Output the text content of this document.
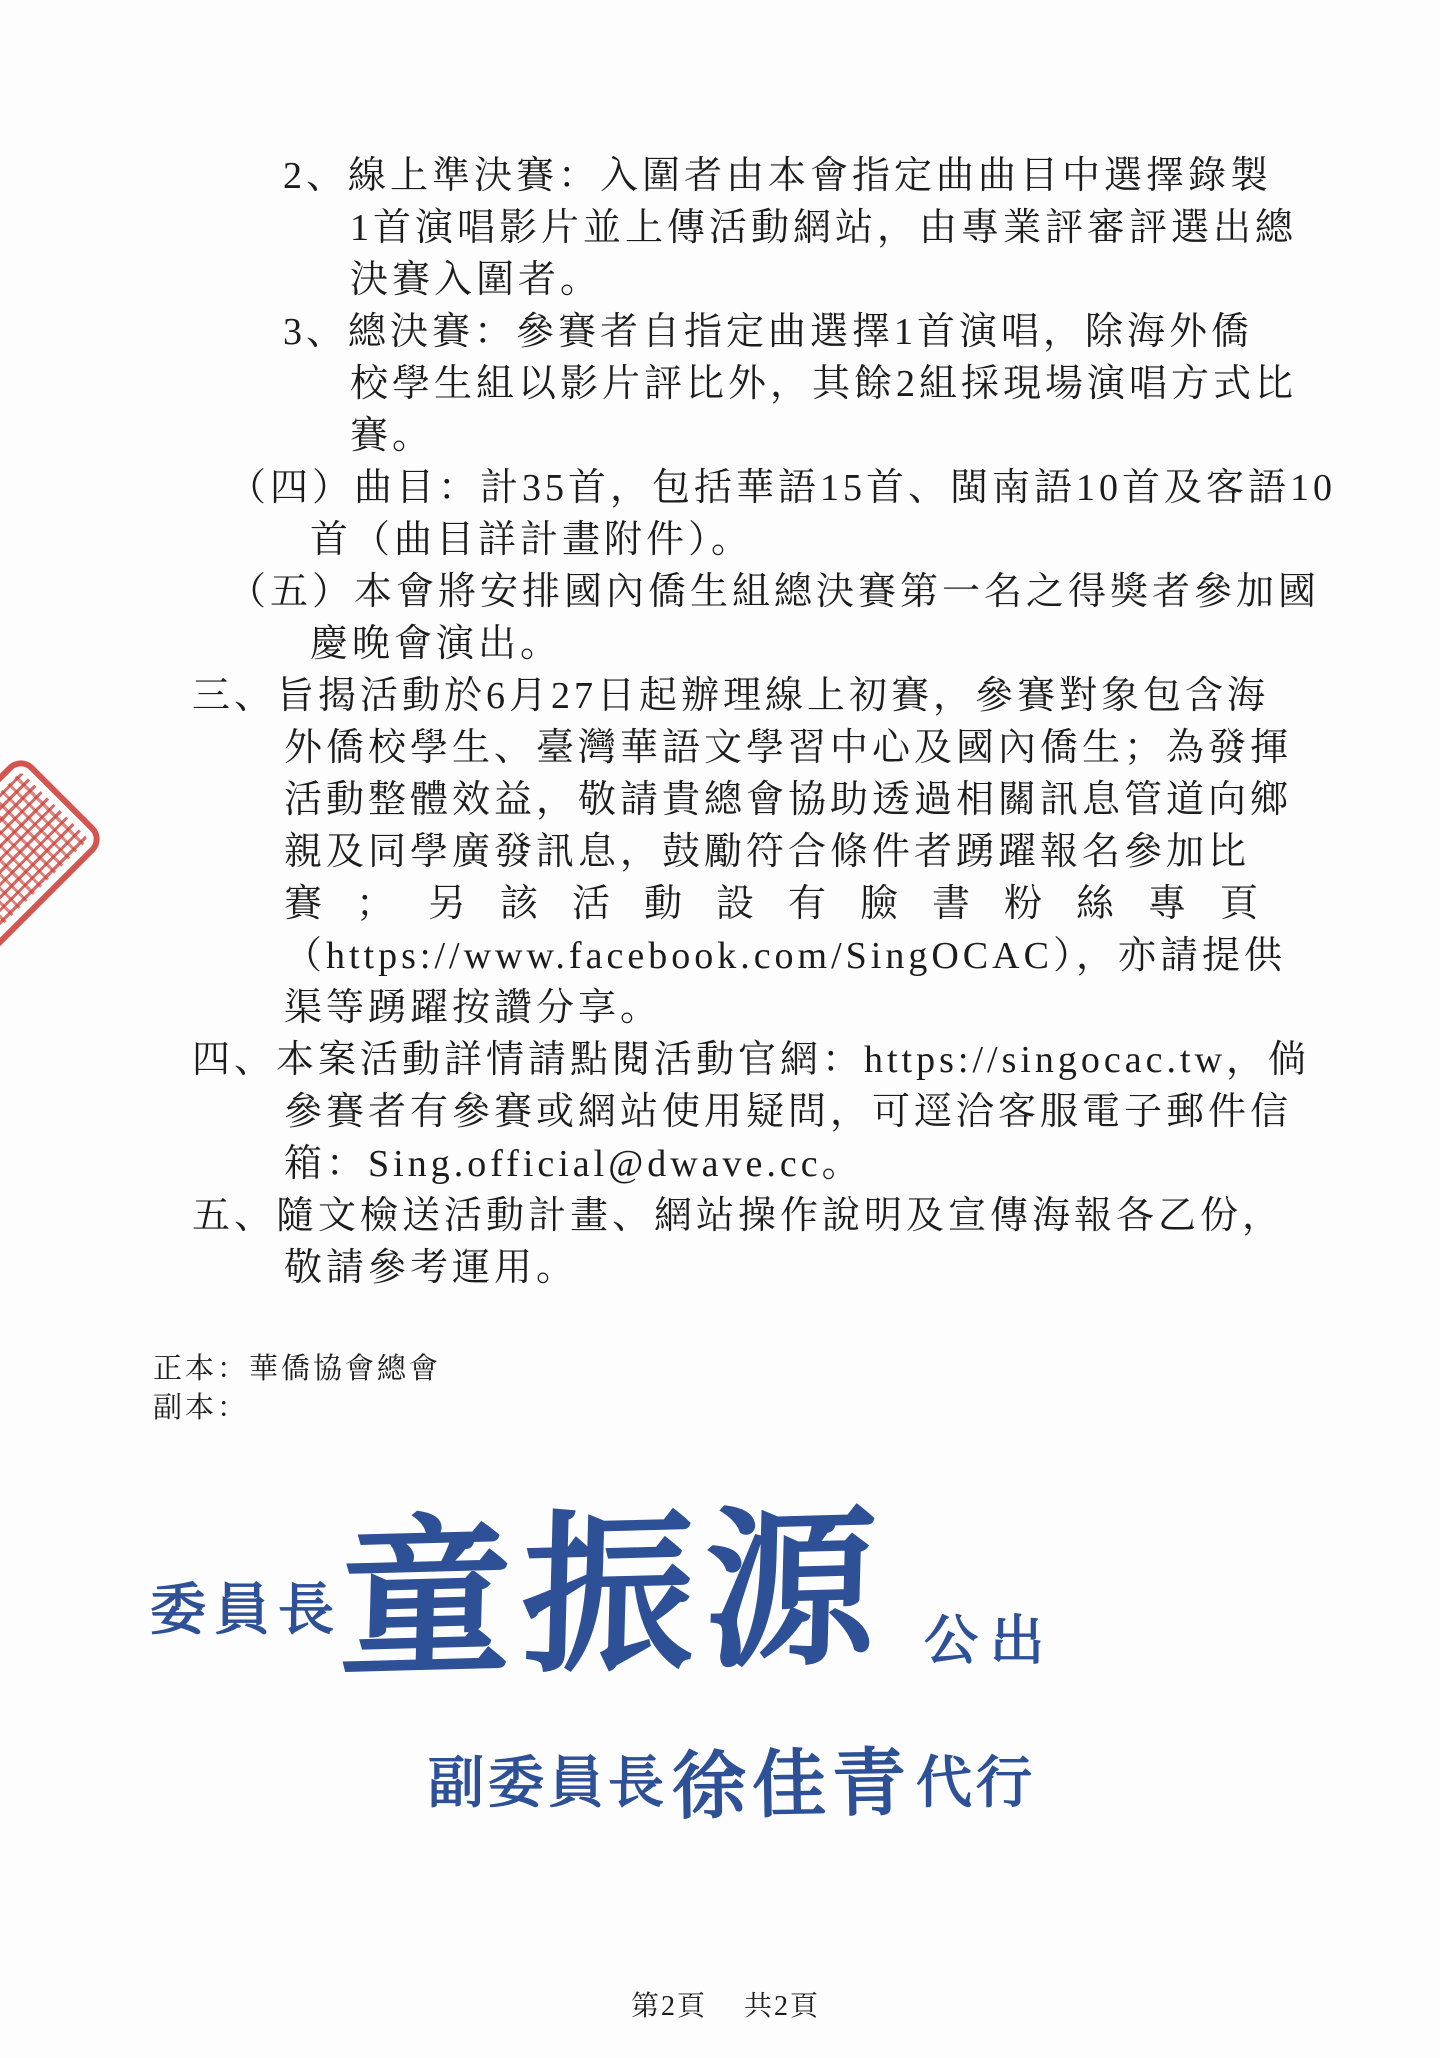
2、線上準決賽：入圍者由本會指定曲曲目中選擇錄製
1首演唱影片並上傳活動網站，由專業評審評選出總
決賽入圍者。
3、總決賽：參賽者自指定曲選擇1首演唱，除海外僑
校學生組以影片評比外，其餘2組採現場演唱方式比
賽。
（四）曲目：計35首，包括華語15首、閩南語10首及客語10
首（曲目詳計畫附件）。
（五）本會將安排國內僑生組總決賽第一名之得獎者參加國
慶晚會演出。
三、旨揭活動於6月27日起辦理線上初賽，參賽對象包含海
外僑校學生、臺灣華語文學習中心及國內僑生；為發揮
活動整體效益，敬請貴總會協助透過相關訊息管道向鄉
親及同學廣發訊息，鼓勵符合條件者踴躍報名參加比
賽；另該活動設有臉書粉絲專頁
（https://www.facebook.com/SingOCAC），亦請提供
渠等踴躍按讚分享。
四、本案活動詳情請點閱活動官網：https://singocac.tw，倘
參賽者有參賽或網站使用疑問，可逕洽客服電子郵件信
箱：Sing.official@dwave.cc。
五、隨文檢送活動計畫、網站操作說明及宣傳海報各乙份，
敬請參考運用。
正本：華僑協會總會
副本：
委員長
童振源 公出
副委員長 徐佳青 代行
第2頁 共2頁
